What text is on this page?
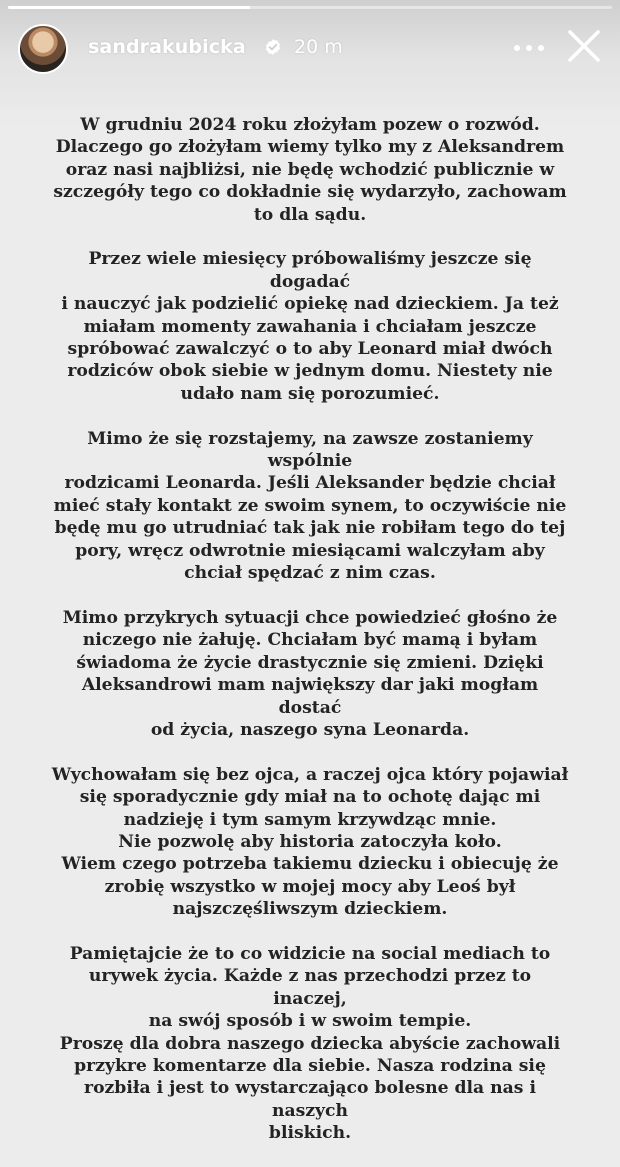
sandrakubicka	20 m

W grudniu 2024 roku złożyłam pozew o rozwód.
Dlaczego go złożyłam wiemy tylko my z Aleksandrem
oraz nasi najbliżsi, nie będę wchodzić publicznie w
szczegóły tego co dokładnie się wydarzyło, zachowam
to dla sądu.

Przez wiele miesięcy próbowaliśmy jeszcze się dogadać
i nauczyć jak podzielić opiekę nad dzieckiem. Ja też
miałam momenty zawahania i chciałam jeszcze
spróbować zawalczyć o to aby Leonard miał dwóch
rodziców obok siebie w jednym domu. Niestety nie
udało nam się porozumieć.

Mimo że się rozstajemy, na zawsze zostaniemy wspólnie
rodzicami Leonarda. Jeśli Aleksander będzie chciał
mieć stały kontakt ze swoim synem, to oczywiście nie
będę mu go utrudniać tak jak nie robiłam tego do tej
pory, wręcz odwrotnie miesiącami walczyłam aby
chciał spędzać z nim czas.

Mimo przykrych sytuacji chce powiedzieć głośno że
niczego nie żałuję. Chciałam być mamą i byłam
świadoma że życie drastycznie się zmieni. Dzięki
Aleksandrowi mam największy dar jaki mogłam dostać
od życia, naszego syna Leonarda.

Wychowałam się bez ojca, a raczej ojca który pojawiał
się sporadycznie gdy miał na to ochotę dając mi
nadzieję i tym samym krzywdząc mnie.
Nie pozwolę aby historia zatoczyła koło.
Wiem czego potrzeba takiemu dziecku i obiecuję że
zrobię wszystko w mojej mocy aby Leoś był
najszczęśliwszym dzieckiem.

Pamiętajcie że to co widzicie na social mediach to
urywek życia. Każde z nas przechodzi przez to inaczej,
na swój sposób i w swoim tempie.
Proszę dla dobra naszego dziecka abyście zachowali
przykre komentarze dla siebie. Nasza rodzina się
rozbiła i jest to wystarczająco bolesne dla nas i naszych
bliskich.
